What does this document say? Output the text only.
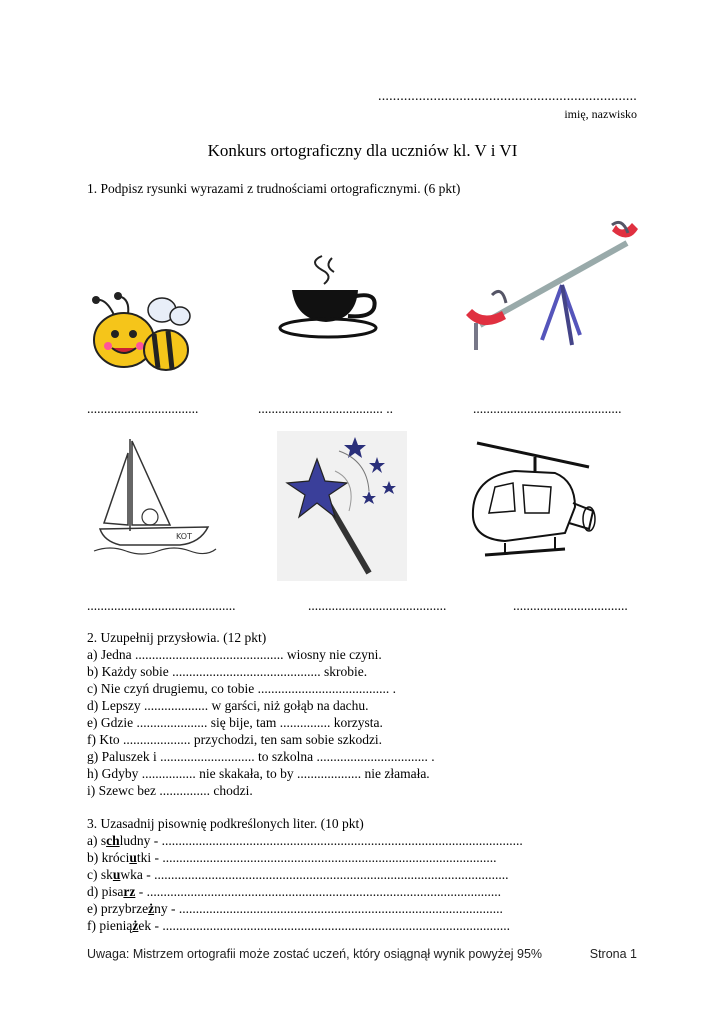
......................................................................
imię, nazwisko
Konkurs ortograficzny dla uczniów kl. V i VI
1. Podpisz rysunki wyrazami z trudnościami ortograficznymi. (6 pkt)
.................................	..................................... ..	............................................
KOT
............................................	.........................................	..................................
2. Uzupełnij przysłowia. (12 pkt)
a) Jedna ............................................ wiosny nie czyni.
b) Każdy sobie ............................................ skrobie.
c) Nie czyń drugiemu, co tobie ....................................... .
d) Lepszy ................... w garści, niż gołąb na dachu.
e) Gdzie ..................... się bije, tam ............... korzysta.
f) Kto .................... przychodzi, ten sam sobie szkodzi.
g) Paluszek i ............................ to szkolna ................................. .
h) Gdyby ................ nie skakała, to by ................... nie złamała.
i) Szewc bez ............... chodzi.
3. Uzasadnij pisownię podkreślonych liter. (10 pkt)
a) schludny - ...........................................................................................................
b) króciutki - ...................................................................................................
c) skuwka - .........................................................................................................
d) pisarz - .........................................................................................................
e) przybrzeżny - ................................................................................................
f) pieniążek - .......................................................................................................
Uwaga: Mistrzem ortografii może zostać uczeń, który osiągnął wynik powyżej 95%	Strona 1
